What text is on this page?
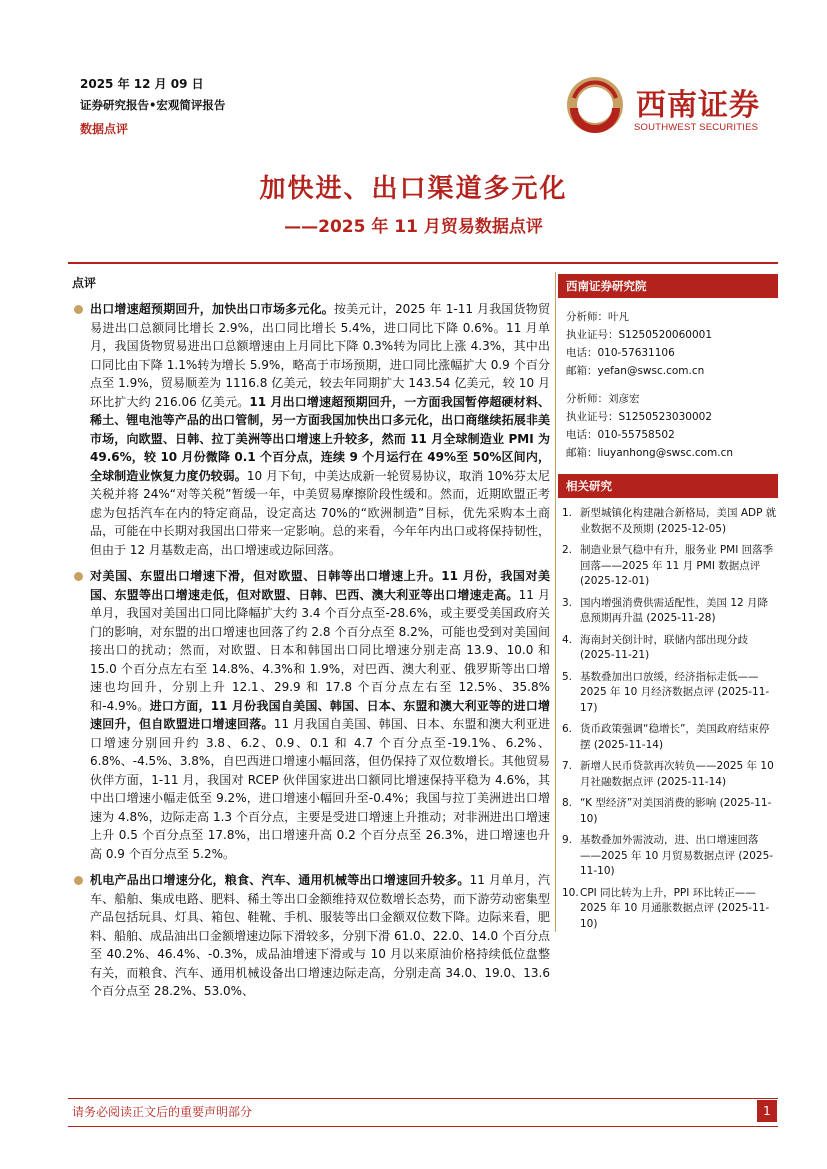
2025 年 12 月 09 日
证券研究报告•宏观简评报告
数据点评
西南证券
SOUTHWEST SECURITIES
加快进、出口渠道多元化
——2025 年 11 月贸易数据点评
点评
出口增速超预期回升，加快出口市场多元化。按美元计，2025 年 1-11 月我国货物贸易进出口总额同比增长 2.9%，出口同比增长 5.4%，进口同比下降 0.6%。11 月单月，我国货物贸易进出口总额增速由上月同比下降 0.3%转为同比上涨 4.3%，其中出口同比由下降 1.1%转为增长 5.9%，略高于市场预期，进口同比涨幅扩大 0.9 个百分点至 1.9%，贸易顺差为 1116.8 亿美元，较去年同期扩大 143.54 亿美元，较 10 月环比扩大约 216.06 亿美元。11 月出口增速超预期回升，一方面我国暂停超硬材料、稀土、锂电池等产品的出口管制，另一方面我国加快出口多元化，出口商继续拓展非美市场，向欧盟、日韩、拉丁美洲等出口增速上升较多，然而 11 月全球制造业 PMI 为 49.6%，较 10 月份微降 0.1 个百分点，连续 9 个月运行在 49%至 50%区间内，全球制造业恢复力度仍较弱。10 月下旬，中美达成新一轮贸易协议，取消 10%芬太尼关税并将 24%“对等关税”暂缓一年，中美贸易摩擦阶段性缓和。然而，近期欧盟正考虑为包括汽车在内的特定商品，设定高达 70%的“欧洲制造”目标，优先采购本土商品，可能在中长期对我国出口带来一定影响。总的来看，今年年内出口或将保持韧性，但由于 12 月基数走高，出口增速或边际回落。
对美国、东盟出口增速下滑，但对欧盟、日韩等出口增速上升。11 月份，我国对美国、东盟等出口增速走低，但对欧盟、日韩、巴西、澳大利亚等出口增速走高。11 月单月，我国对美国出口同比降幅扩大约 3.4 个百分点至-28.6%，或主要受美国政府关门的影响，对东盟的出口增速也回落了约 2.8 个百分点至 8.2%，可能也受到对美国间接出口的扰动；然而，对欧盟、日本和韩国出口同比增速分别走高 13.9、10.0 和 15.0 个百分点左右至 14.8%、4.3%和 1.9%，对巴西、澳大利亚、俄罗斯等出口增速也均回升，分别上升 12.1、29.9 和 17.8 个百分点左右至 12.5%、35.8%和-4.9%。进口方面，11 月份我国自美国、韩国、日本、东盟和澳大利亚等的进口增速回升，但自欧盟进口增速回落。11 月我国自美国、韩国、日本、东盟和澳大利亚进口增速分别回升约 3.8、6.2、0.9、0.1 和 4.7 个百分点至-19.1%、6.2%、6.8%、-4.5%、3.8%，自巴西进口增速小幅回落，但仍保持了双位数增长。其他贸易伙伴方面，1-11 月，我国对 RCEP 伙伴国家进出口额同比增速保持平稳为 4.6%，其中出口增速小幅走低至 9.2%，进口增速小幅回升至-0.4%；我国与拉丁美洲进出口增速为 4.8%，边际走高 1.3 个百分点，主要是受进口增速上升推动；对非洲进出口增速上升 0.5 个百分点至 17.8%，出口增速升高 0.2 个百分点至 26.3%，进口增速也升高 0.9 个百分点至 5.2%。
机电产品出口增速分化，粮食、汽车、通用机械等出口增速回升较多。11 月单月，汽车、船舶、集成电路、肥料、稀土等出口金额维持双位数增长态势，而下游劳动密集型产品包括玩具、灯具、箱包、鞋靴、手机、服装等出口金额双位数下降。边际来看，肥料、船舶、成品油出口金额增速边际下滑较多，分别下滑 61.0、22.0、14.0 个百分点至 40.2%、46.4%、-0.3%，成品油增速下滑或与 10 月以来原油价格持续低位盘整有关，而粮食、汽车、通用机械设备出口增速边际走高，分别走高 34.0、19.0、13.6 个百分点至 28.2%、53.0%、
西南证券研究院
分析师：叶凡
执业证号：S1250520060001
电话：010-57631106
邮箱：yefan@swsc.com.cn
分析师：刘彦宏
执业证号：S1250523030002
电话：010-55758502
邮箱：liuyanhong@swsc.com.cn
相关研究
1. 新型城镇化构建融合新格局，美国 ADP 就业数据不及预期 (2025-12-05)
2. 制造业景气稳中有升，服务业 PMI 回落季回落——2025 年 11 月 PMI 数据点评 (2025-12-01)
3. 国内增强消费供需适配性，美国 12 月降息预期再升温 (2025-11-28)
4. 海南封关倒计时，联储内部出现分歧 (2025-11-21)
5. 基数叠加出口放缓，经济指标走低——2025 年 10 月经济数据点评 (2025-11-17)
6. 货币政策强调“稳增长”，美国政府结束停摆 (2025-11-14)
7. 新增人民币贷款再次转负——2025 年 10 月社融数据点评 (2025-11-14)
8. “K 型经济”对美国消费的影响 (2025-11-10)
9. 基数叠加外需波动，进、出口增速回落——2025 年 10 月贸易数据点评 (2025-11-10)
10. CPI 同比转为上升，PPI 环比转正——2025 年 10 月通胀数据点评 (2025-11-10)
请务必阅读正文后的重要声明部分	1
